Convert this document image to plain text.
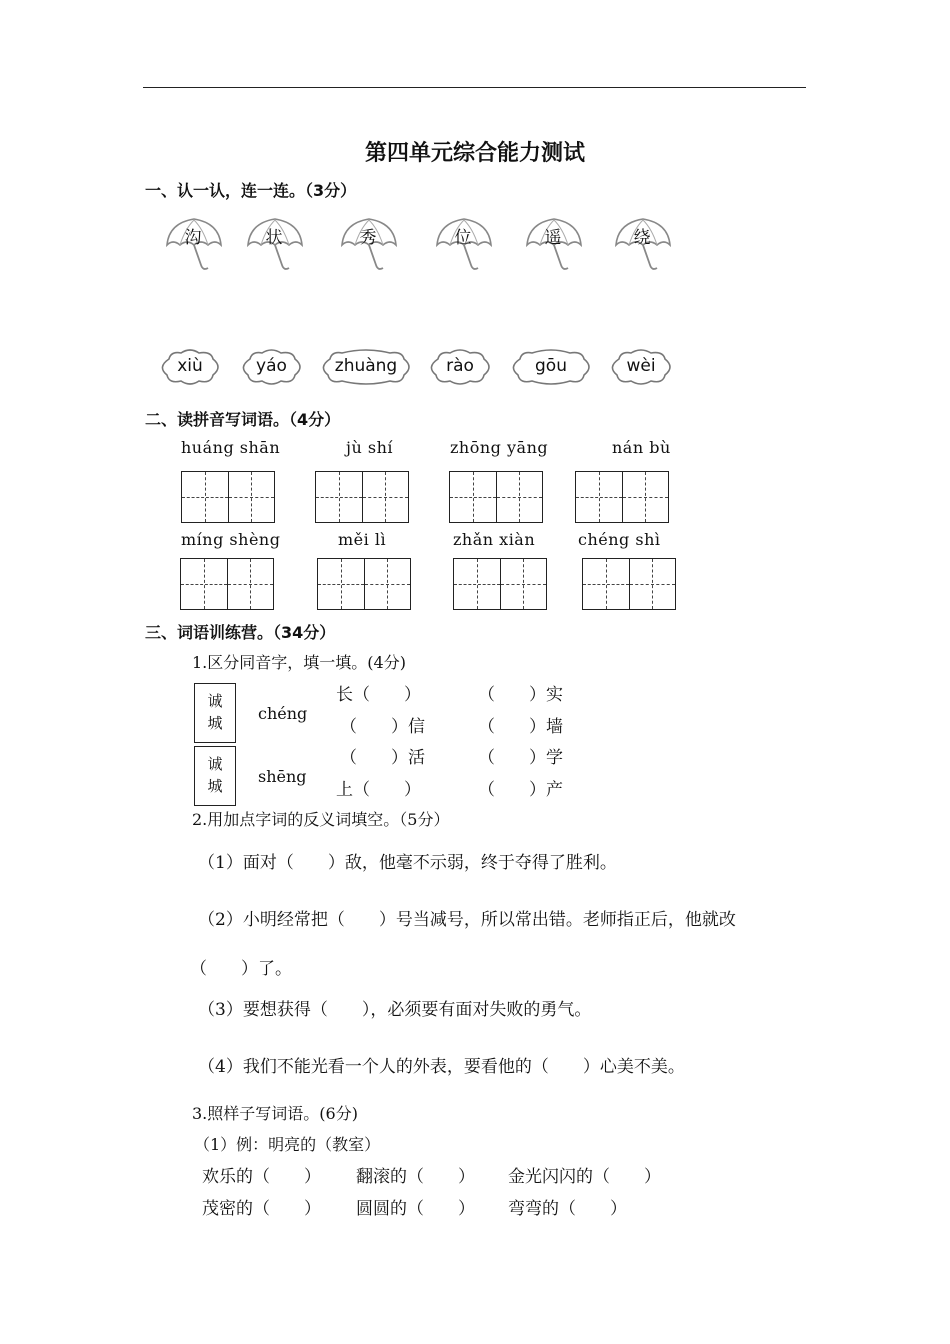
第四单元综合能力测试
一、认一认，连一连。（3分）
沟	状	秀	位	遥	绕
xiù	yáo	zhuàng	rào	gōu	wèi
二、读拼音写词语。（4分）
huáng shān	jù shí	zhōng yāng	nán bù
míng shèng	měi lì	zhǎn xiàn	chéng shì
三、词语训练营。（34分）
1.区分同音字，填一填。(4分)
诚
城	chéng
诚
城	shēng
长（　　）	（　　）实
（　　）信	（　　）墙
（　　）活	（　　）学
上（　　）	（　　）产
2.用加点字词的反义词填空。（5分）
（1）面对（　　）敌，他毫不示弱，终于夺得了胜利。
（2）小明经常把（　　）号当减号，所以常出错。老师指正后，他就改
（　　）了。
（3）要想获得（　　），必须要有面对失败的勇气。
（4）我们不能光看一个人的外表，要看他的（　　）心美不美。
3.照样子写词语。(6分)
（1）例：明亮的（教室）
欢乐的（　　） 翻滚的（　　） 金光闪闪的（　　）
茂密的（　　） 圆圆的（　　） 弯弯的（　　）
